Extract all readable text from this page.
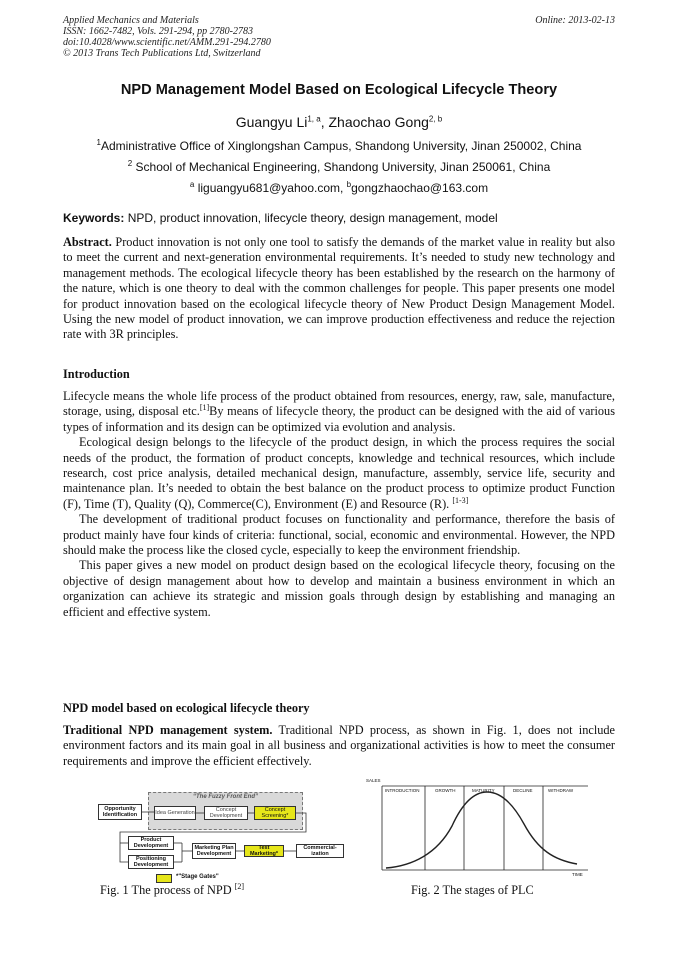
Applied Mechanics and Materials
ISSN: 1662-7482, Vols. 291-294, pp 2780-2783
doi:10.4028/www.scientific.net/AMM.291-294.2780
© 2013 Trans Tech Publications Ltd, Switzerland
Online: 2013-02-13
NPD Management Model Based on Ecological Lifecycle Theory
Guangyu Li$^{1, a}$, Zhaochao Gong$^{2, b}$
$^1$Administrative Office of Xinglongshan Campus, Shandong University, Jinan 250002, China
$^2$ School of Mechanical Engineering, Shandong University, Jinan 250061, China
$^a$ liguangyu681@yahoo.com, $^b$gongzhaochao@163.com
Keywords: NPD, product innovation, lifecycle theory, design management, model

Abstract. Product innovation is not only one tool to satisfy the demands of the market value in reality but also to meet the current and next-generation environmental requirements. It’s needed to study new technology and management methods. The ecological lifecycle theory has been established by the research on the harmony of the nature, which is one theory to deal with the common challenges for people. This paper presents one model for product innovation based on the ecological lifecycle theory of New Product Design Management Model. Using the new model of product innovation, we can improve production effectiveness and reduce the rejection rate with 3R principles.

Introduction

Lifecycle means the whole life process of the product obtained from resources, energy, raw, sale, manufacture, storage, using, disposal etc.[1]By means of lifecycle theory, the product can be designed with the aid of various types of information and its design can be optimized via evolution and analysis.

Ecological design belongs to the lifecycle of the product design, in which the process requires the social needs of the product, the formation of product concepts, knowledge and technical resources, which include research, cost price analysis, detailed mechanical design, manufacture, assembly, service life, security and maintenance plan. It’s needed to obtain the best balance on the product process to optimize product Function (F), Time (T), Quality (Q), Commerce(C), Environment (E) and Resource (R). [1-3]

The development of traditional product focuses on functionality and performance, therefore the basis of product mainly have four kinds of criteria: functional, social, economic and environmental. However, the NPD should make the process like the closed cycle, especially to keep the environment friendship.

This paper gives a new model on product design based on the ecological lifecycle theory, focusing on the objective of design management about how to develop and maintain a business environment in which an organization can achieve its strategic and mission goals through design by establishing and managing an efficient and effective system.

NPD model based on ecological lifecycle theory

Traditional NPD management system. Traditional NPD process, as shown in Fig. 1, does not include environment factors and its main goal in all business and organizational activities is how to meet the consumer requirements and improve the efficient effectively.

“The Fuzzy Front End”
Opportunity Identification	Idea Generation	Concept Development
Concept Screening*
Product Development
Positioning Development
Marketing Plan Development
Test Marketing*
Commercial-ization
*"Stage Gates"
Fig. 1 The process of NPD [2]
SALES
TIME
INTRODUCTION	GROWTH	MATURITY	DECLINE	WITHDRAW
Fig. 2 The stages of PLC
